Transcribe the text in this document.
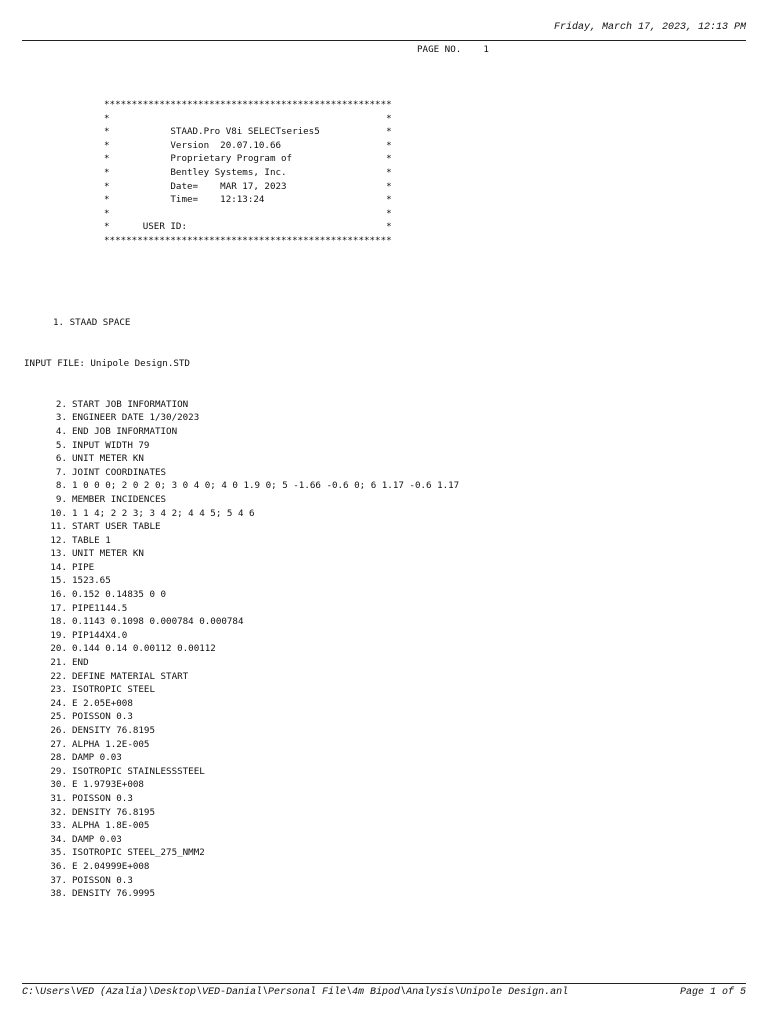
Friday, March 17, 2023, 12:13 PM
PAGE NO.    1
****************************************************
*                                                  *
*           STAAD.Pro V8i SELECTseries5            *
*           Version  20.07.10.66                   *
*           Proprietary Program of                 *
*           Bentley Systems, Inc.                  *
*           Date=    MAR 17, 2023                  *
*           Time=    12:13:24                      *
*                                                  *
*      USER ID:                                    *
****************************************************

1. STAAD SPACE

INPUT FILE: Unipole Design.STD

2. START JOB INFORMATION
3. ENGINEER DATE 1/30/2023
4. END JOB INFORMATION
5. INPUT WIDTH 79
6. UNIT METER KN
7. JOINT COORDINATES
8. 1 0 0 0; 2 0 2 0; 3 0 4 0; 4 0 1.9 0; 5 -1.66 -0.6 0; 6 1.17 -0.6 1.17
9. MEMBER INCIDENCES
10. 1 1 4; 2 2 3; 3 4 2; 4 4 5; 5 4 6
11. START USER TABLE
12. TABLE 1
13. UNIT METER KN
14. PIPE
15. 1523.65
16. 0.152 0.14835 0 0
17. PIPE1144.5
18. 0.1143 0.1098 0.000784 0.000784
19. PIP144X4.0
20. 0.144 0.14 0.00112 0.00112
21. END
22. DEFINE MATERIAL START
23. ISOTROPIC STEEL
24. E 2.05E+008
25. POISSON 0.3
26. DENSITY 76.8195
27. ALPHA 1.2E-005
28. DAMP 0.03
29. ISOTROPIC STAINLESSSTEEL
30. E 1.9793E+008
31. POISSON 0.3
32. DENSITY 76.8195
33. ALPHA 1.8E-005
34. DAMP 0.03
35. ISOTROPIC STEEL_275_NMM2
36. E 2.04999E+008
37. POISSON 0.3
38. DENSITY 76.9995

C:\Users\VED (Azalia)\Desktop\VED-Danial\Personal File\4m Bipod\Analysis\Unipole Design.anl	Page 1 of 5
